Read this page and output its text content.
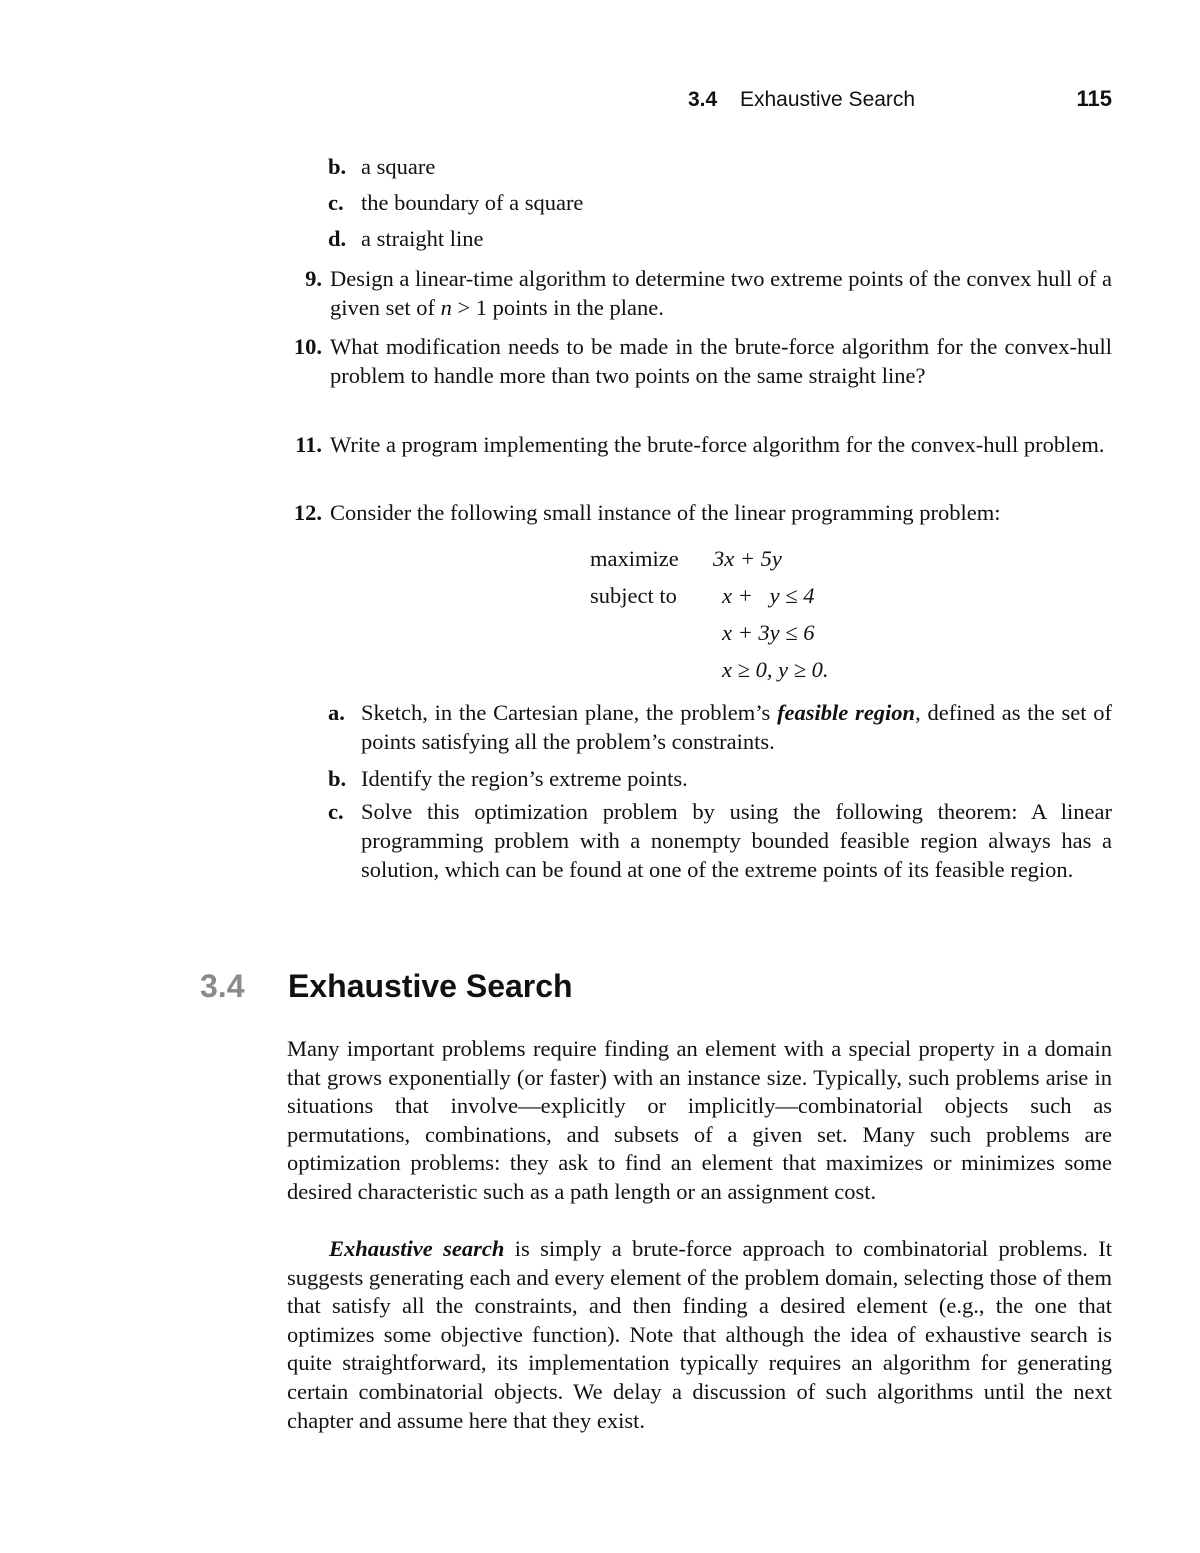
3.4 Exhaustive Search	115
b. a square
c. the boundary of a square
d. a straight line
9. Design a linear-time algorithm to determine two extreme points of the convex hull of a given set of n > 1 points in the plane.
10. What modification needs to be made in the brute-force algorithm for the convex-hull problem to handle more than two points on the same straight line?
11. Write a program implementing the brute-force algorithm for the convex-hull problem.
12. Consider the following small instance of the linear programming problem:
maximize 3x + 5y
subject to x +   y ≤ 4
x + 3y ≤ 6
x ≥ 0, y ≥ 0.
a. Sketch, in the Cartesian plane, the problem’s feasible region, defined as the set of points satisfying all the problem’s constraints.
b. Identify the region’s extreme points.
c. Solve this optimization problem by using the following theorem: A linear programming problem with a nonempty bounded feasible region always has a solution, which can be found at one of the extreme points of its feasible region.
3.4 Exhaustive Search

Many important problems require finding an element with a special property in a domain that grows exponentially (or faster) with an instance size. Typically, such problems arise in situations that involve—explicitly or implicitly—combinatorial objects such as permutations, combinations, and subsets of a given set. Many such problems are optimization problems: they ask to find an element that maximizes or minimizes some desired characteristic such as a path length or an assignment cost.

Exhaustive search is simply a brute-force approach to combinatorial problems. It suggests generating each and every element of the problem domain, selecting those of them that satisfy all the constraints, and then finding a desired element (e.g., the one that optimizes some objective function). Note that although the idea of exhaustive search is quite straightforward, its implementation typically requires an algorithm for generating certain combinatorial objects. We delay a discussion of such algorithms until the next chapter and assume here that they exist.
